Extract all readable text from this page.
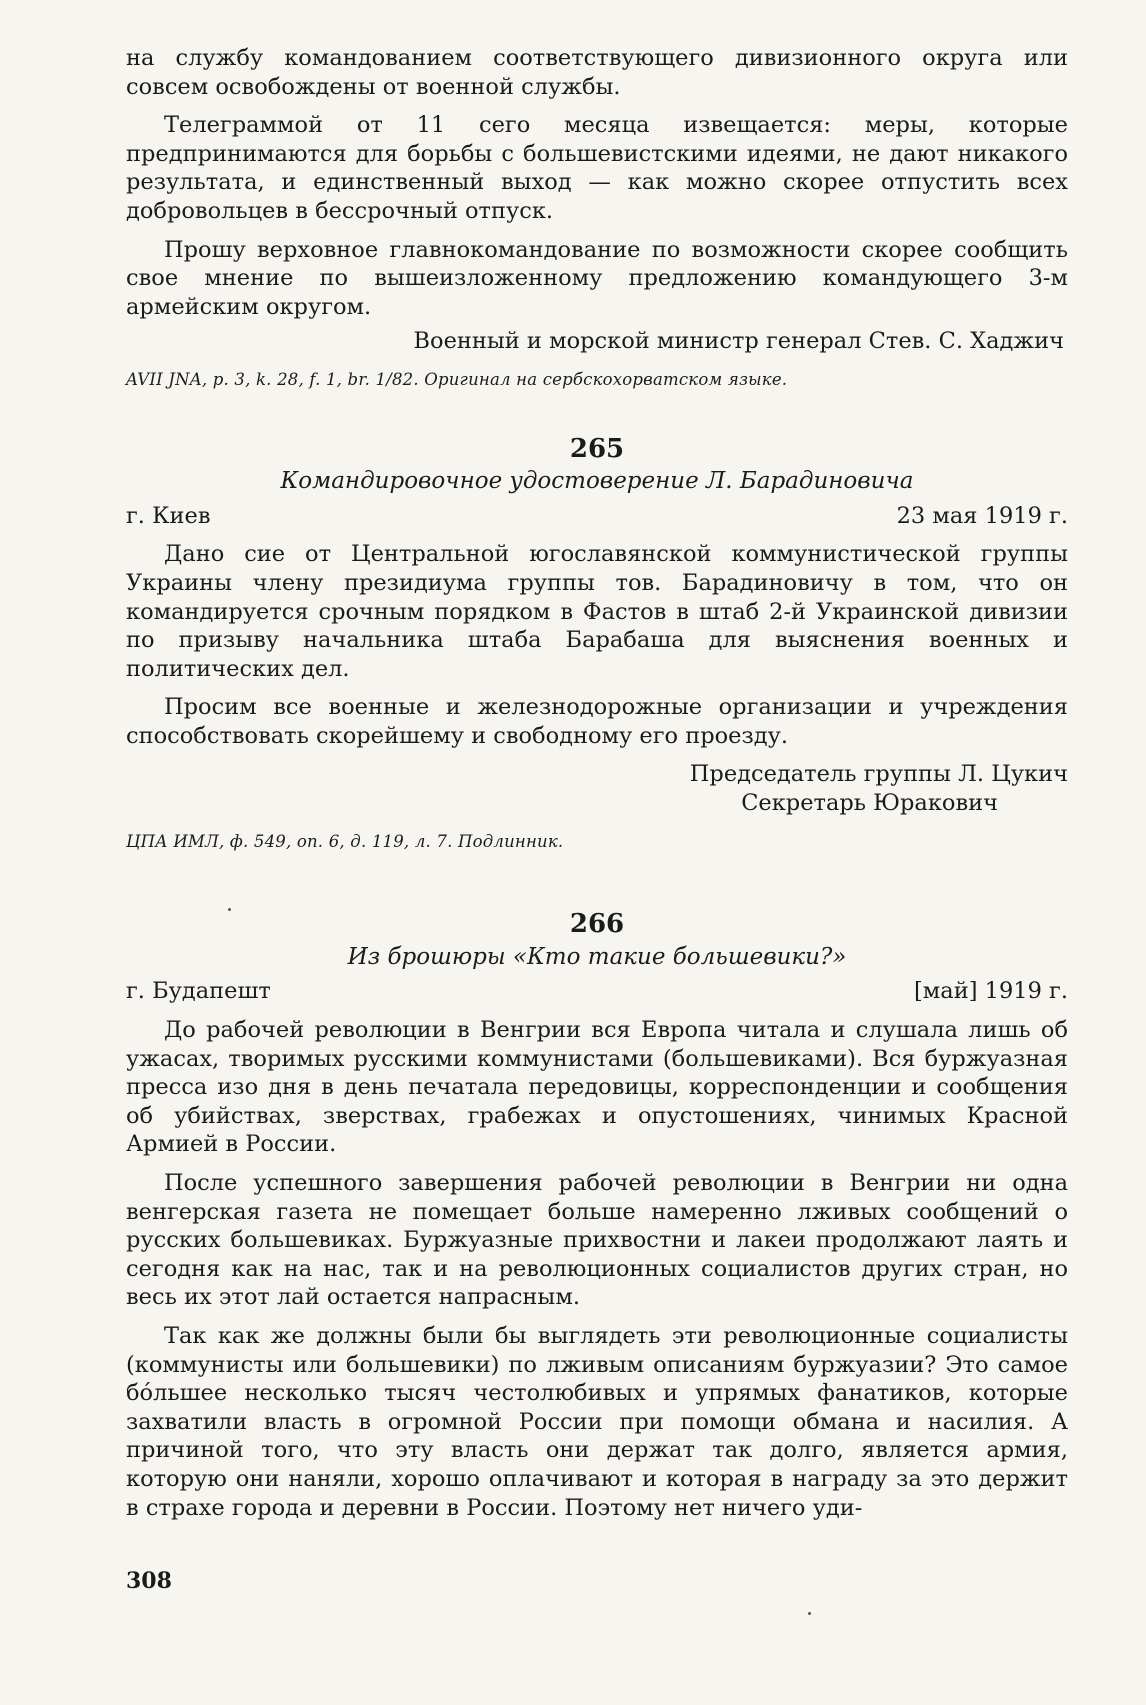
на службу командованием соответствующего дивизионного округа или совсем освобождены от военной службы.

Телеграммой от 11 сего месяца извещается: меры, которые предпринимаются для борьбы с большевистскими идеями, не дают никакого результата, и единственный выход — как можно скорее отпустить всех добровольцев в бессрочный отпуск.

Прошу верховное главнокомандование по возможности скорее сообщить свое мнение по вышеизложенному предложению командующего 3-м армейским округом.

Военный и морской министр генерал Стев. С. Хаджич

AVII JNA, p. 3, k. 28, f. 1, br. 1/82. Оригинал на сербскохорватском языке.

265

Командировочное удостоверение Л. Барадиновича

г. Киев	23 мая 1919 г.

Дано сие от Центральной югославянской коммунистической группы Украины члену президиума группы тов. Барадиновичу в том, что он командируется срочным порядком в Фастов в штаб 2-й Украинской дивизии по призыву начальника штаба Барабаша для выяснения военных и политических дел.

Просим все военные и железнодорожные организации и учреждения способствовать скорейшему и свободному его проезду.

Председатель группы Л. Цукич

Секретарь Юракович

ЦПА ИМЛ, ф. 549, оп. 6, д. 119, л. 7. Подлинник.

266

Из брошюры «Кто такие большевики?»

г. Будапешт	[май] 1919 г.

До рабочей революции в Венгрии вся Европа читала и слушала лишь об ужасах, творимых русскими коммунистами (большевиками). Вся буржуазная пресса изо дня в день печатала передовицы, корреспонденции и сообщения об убийствах, зверствах, грабежах и опустошениях, чинимых Красной Армией в России.

После успешного завершения рабочей революции в Венгрии ни одна венгерская газета не помещает больше намеренно лживых сообщений о русских большевиках. Буржуазные прихвостни и лакеи продолжают лаять и сегодня как на нас, так и на революционных социалистов других стран, но весь их этот лай остается напрасным.

Так как же должны были бы выглядеть эти революционные социалисты (коммунисты или большевики) по лживым описаниям буржуазии? Это самое бóльшее несколько тысяч честолюбивых и упрямых фанатиков, которые захватили власть в огромной России при помощи обмана и насилия. А причиной того, что эту власть они держат так долго, является армия, которую они наняли, хорошо оплачивают и которая в награду за это держит в страхе города и деревни в России. Поэтому нет ничего уди-

308
